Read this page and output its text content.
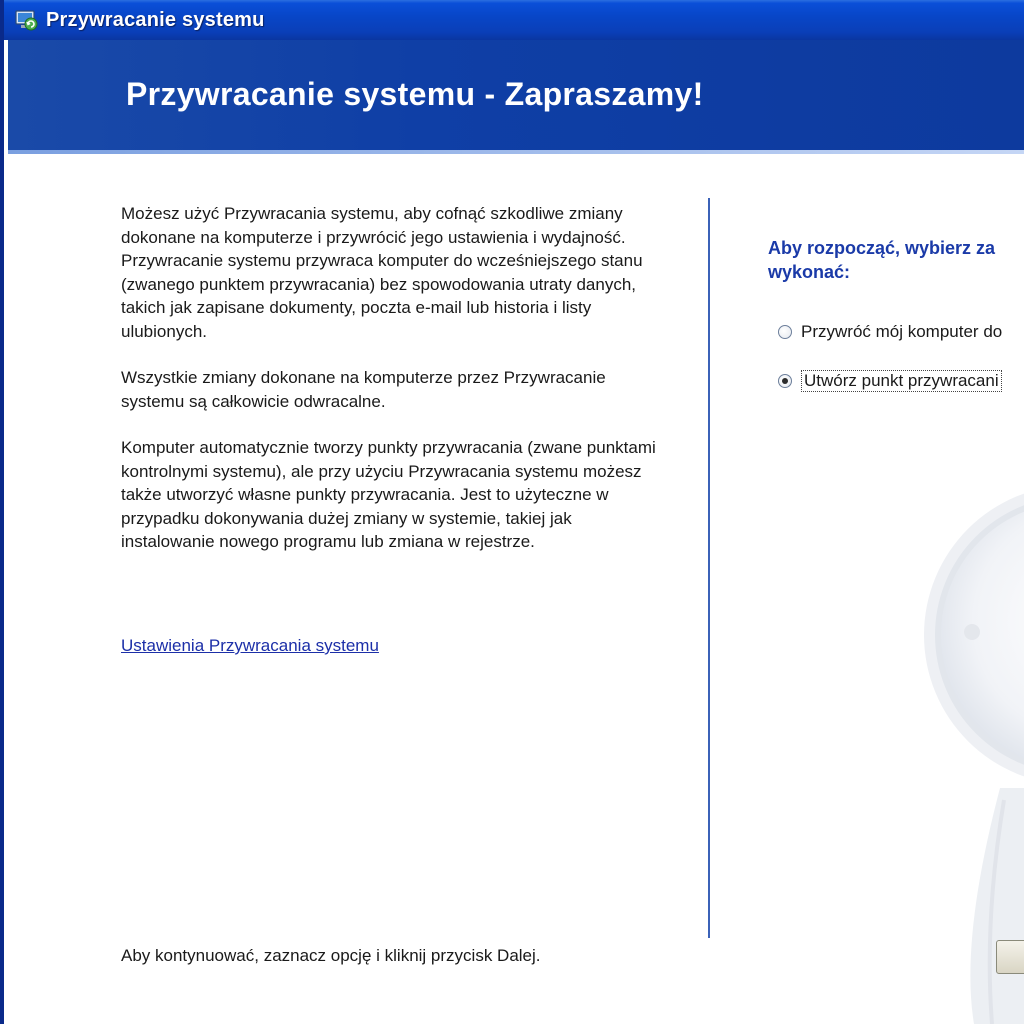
Przywracanie systemu
Przywracanie systemu - Zapraszamy!

Możesz użyć Przywracania systemu, aby cofnąć szkodliwe zmiany dokonane na komputerze i przywrócić jego ustawienia i wydajność. Przywracanie systemu przywraca komputer do wcześniejszego stanu (zwanego punktem przywracania) bez spowodowania utraty danych, takich jak zapisane dokumenty, poczta e-mail lub historia i listy ulubionych.

Wszystkie zmiany dokonane na komputerze przez Przywracanie systemu są całkowicie odwracalne.

Komputer automatycznie tworzy punkty przywracania (zwane punktami kontrolnymi systemu), ale przy użyciu Przywracania systemu możesz także utworzyć własne punkty przywracania. Jest to użyteczne w przypadku dokonywania dużej zmiany w systemie, takiej jak instalowanie nowego programu lub zmiana w rejestrze.

Ustawienia Przywracania systemu
Aby kontynuować, zaznacz opcję i kliknij przycisk Dalej.
Aby rozpocząć, wybierz za
wykonać:
Przywróć mój komputer do
Utwórz punkt przywracani
